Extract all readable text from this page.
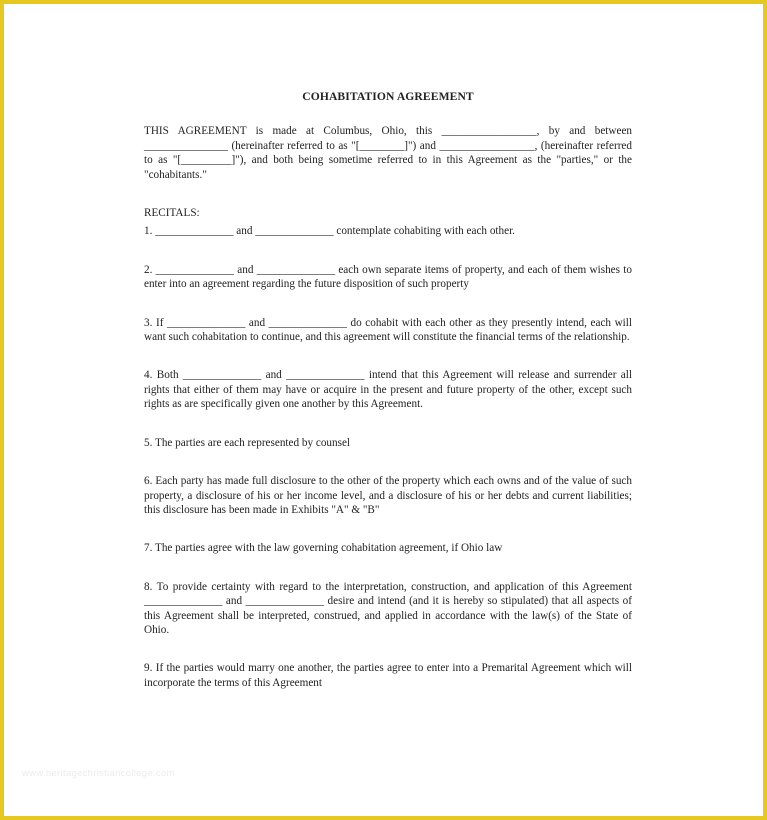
COHABITATION AGREEMENT

THIS AGREEMENT is made at Columbus, Ohio, this _________________, by and between _______________ (hereinafter referred to as "[________]") and _________________, (hereinafter referred to as "[_________]"), and both being sometime referred to in this Agreement as the "parties," or the "cohabitants."

RECITALS:

1. ______________ and ______________ contemplate cohabiting with each other.

2. ______________ and ______________ each own separate items of property, and each of them wishes to enter into an agreement regarding the future disposition of such property

3. If ______________ and ______________ do cohabit with each other as they presently intend, each will want such cohabitation to continue, and this agreement will constitute the financial terms of the relationship.

4. Both ______________ and ______________ intend that this Agreement will release and surrender all rights that either of them may have or acquire in the present and future property of the other, except such rights as are specifically given one another by this Agreement.

5. The parties are each represented by counsel

6. Each party has made full disclosure to the other of the property which each owns and of the value of such property, a disclosure of his or her income level, and a disclosure of his or her debts and current liabilities; this disclosure has been made in Exhibits "A" & "B"

7. The parties agree with the law governing cohabitation agreement, if Ohio law

8. To provide certainty with regard to the interpretation, construction, and application of this Agreement ______________ and ______________ desire and intend (and it is hereby so stipulated) that all aspects of this Agreement shall be interpreted, construed, and applied in accordance with the law(s) of the State of Ohio.

9. If the parties would marry one another, the parties agree to enter into a Premarital Agreement which will incorporate the terms of this Agreement

www.heritagechristiancollege.com
